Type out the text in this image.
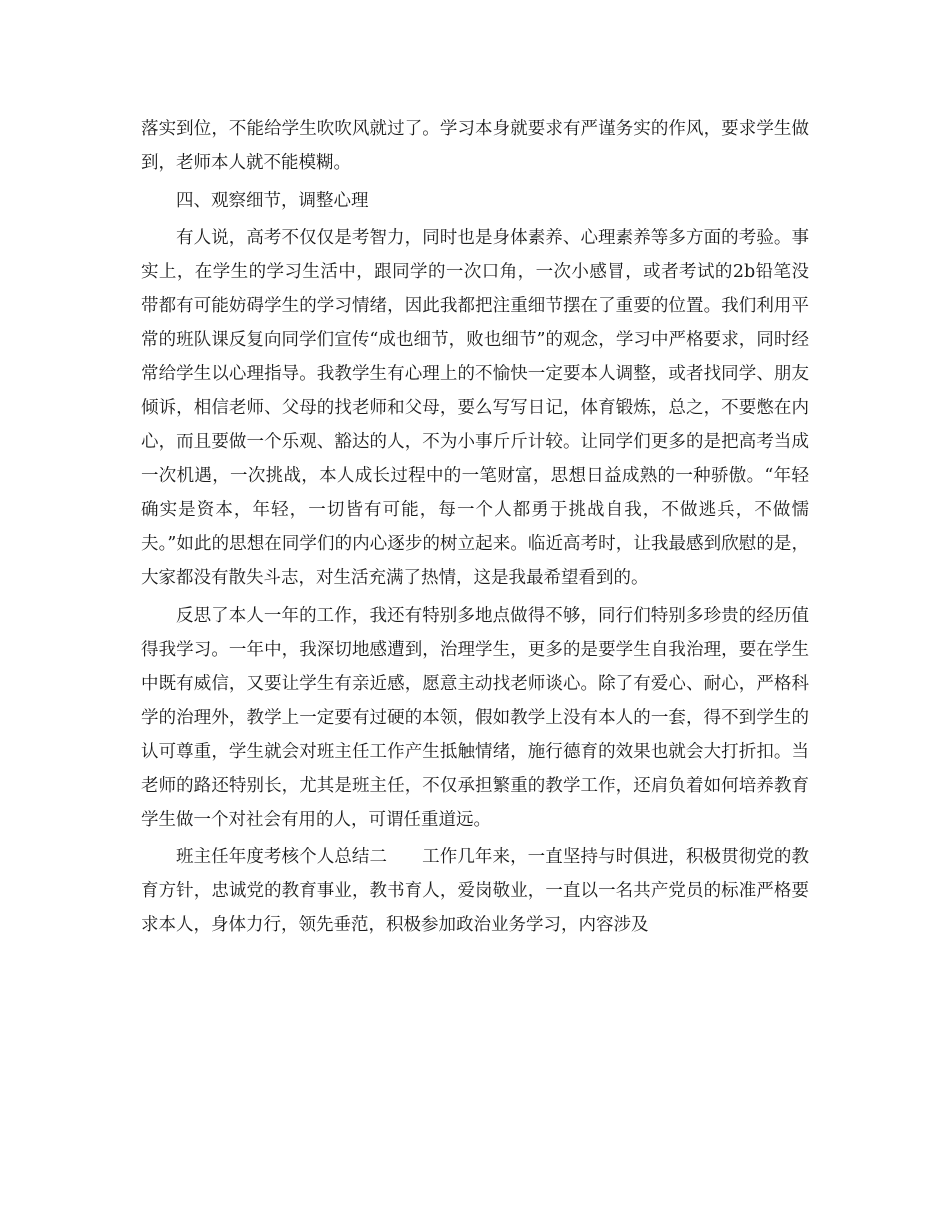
落实到位，不能给学生吹吹风就过了。学习本身就要求有严谨务实的作风，要求学生做到，老师本人就不能模糊。

四、观察细节，调整心理

有人说，高考不仅仅是考智力，同时也是身体素养、心理素养等多方面的考验。事实上，在学生的学习生活中，跟同学的一次口角，一次小感冒，或者考试的2b铅笔没带都有可能妨碍学生的学习情绪，因此我都把注重细节摆在了重要的位置。我们利用平常的班队课反复向同学们宣传“成也细节，败也细节”的观念，学习中严格要求，同时经常给学生以心理指导。我教学生有心理上的不愉快一定要本人调整，或者找同学、朋友倾诉，相信老师、父母的找老师和父母，要么写写日记，体育锻炼，总之，不要憋在内心，而且要做一个乐观、豁达的人，不为小事斤斤计较。让同学们更多的是把高考当成一次机遇，一次挑战，本人成长过程中的一笔财富，思想日益成熟的一种骄傲。“年轻确实是资本，年轻，一切皆有可能，每一个人都勇于挑战自我，不做逃兵，不做懦夫。”如此的思想在同学们的内心逐步的树立起来。临近高考时，让我最感到欣慰的是，大家都没有散失斗志，对生活充满了热情，这是我最希望看到的。

反思了本人一年的工作，我还有特别多地点做得不够，同行们特别多珍贵的经历值得我学习。一年中，我深切地感遭到，治理学生，更多的是要学生自我治理，要在学生中既有威信，又要让学生有亲近感，愿意主动找老师谈心。除了有爱心、耐心，严格科学的治理外，教学上一定要有过硬的本领，假如教学上没有本人的一套，得不到学生的认可尊重，学生就会对班主任工作产生抵触情绪，施行德育的效果也就会大打折扣。当老师的路还特别长，尤其是班主任，不仅承担繁重的教学工作，还肩负着如何培养教育学生做一个对社会有用的人，可谓任重道远。

班主任年度考核个人总结二 工作几年来，一直坚持与时俱进，积极贯彻党的教育方针，忠诚党的教育事业，教书育人，爱岗敬业，一直以一名共产党员的标准严格要求本人，身体力行，领先垂范，积极参加政治业务学习，内容涉及
